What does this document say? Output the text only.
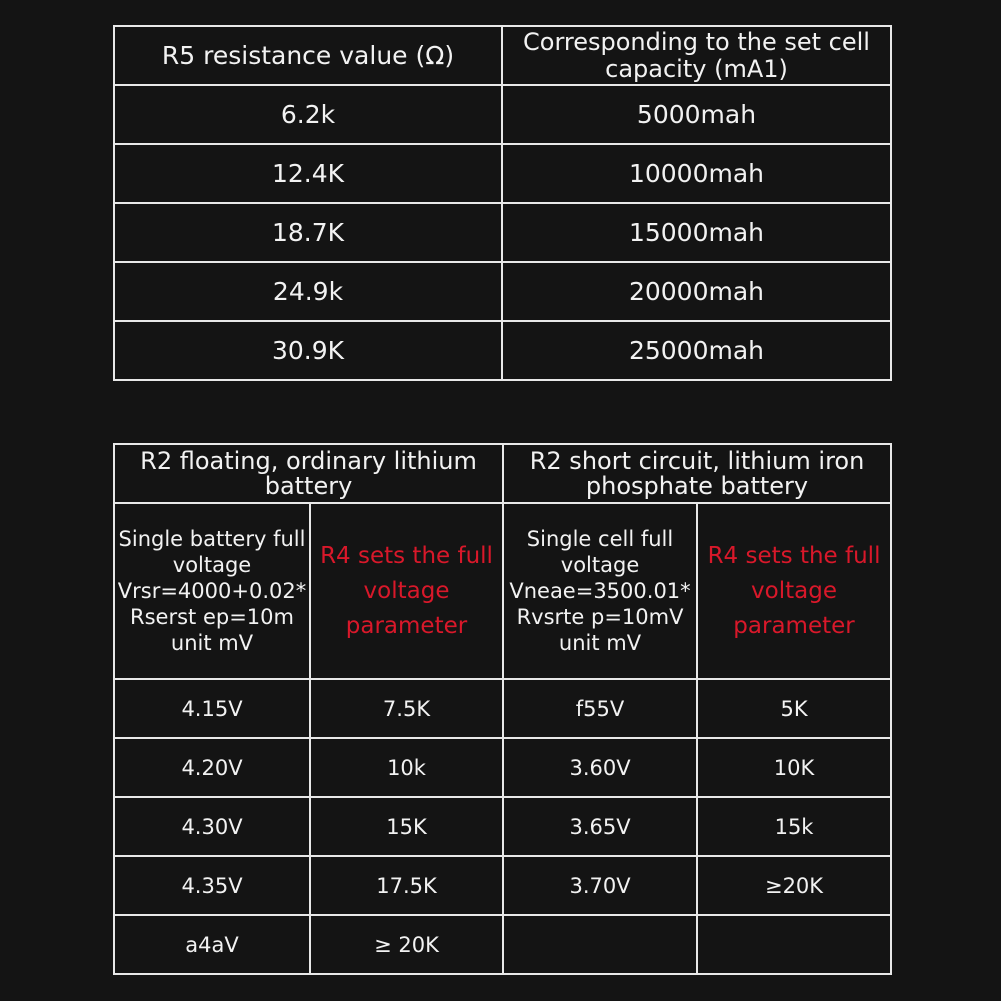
R5 resistance value (Ω)	Corresponding to the set cell capacity (mA1)
6.2k	5000mah
12.4K	10000mah
18.7K	15000mah
24.9k	20000mah
30.9K	25000mah
R2 floating, ordinary lithium battery		R2 short circuit, lithium iron phosphate battery	
Single battery full voltage Vrsr=4000+0.02* Rserst ep=10m unit mV	R4 sets the full voltage parameter	Single cell full voltage Vneae=3500.01* Rvsrte p=10mV unit mV	R4 sets the full voltage parameter
4.15V	7.5K	f55V	5K
4.20V	10k	3.60V	10K
4.30V	15K	3.65V	15k
4.35V	17.5K	3.70V	≥20K
a4aV	≥ 20K		
